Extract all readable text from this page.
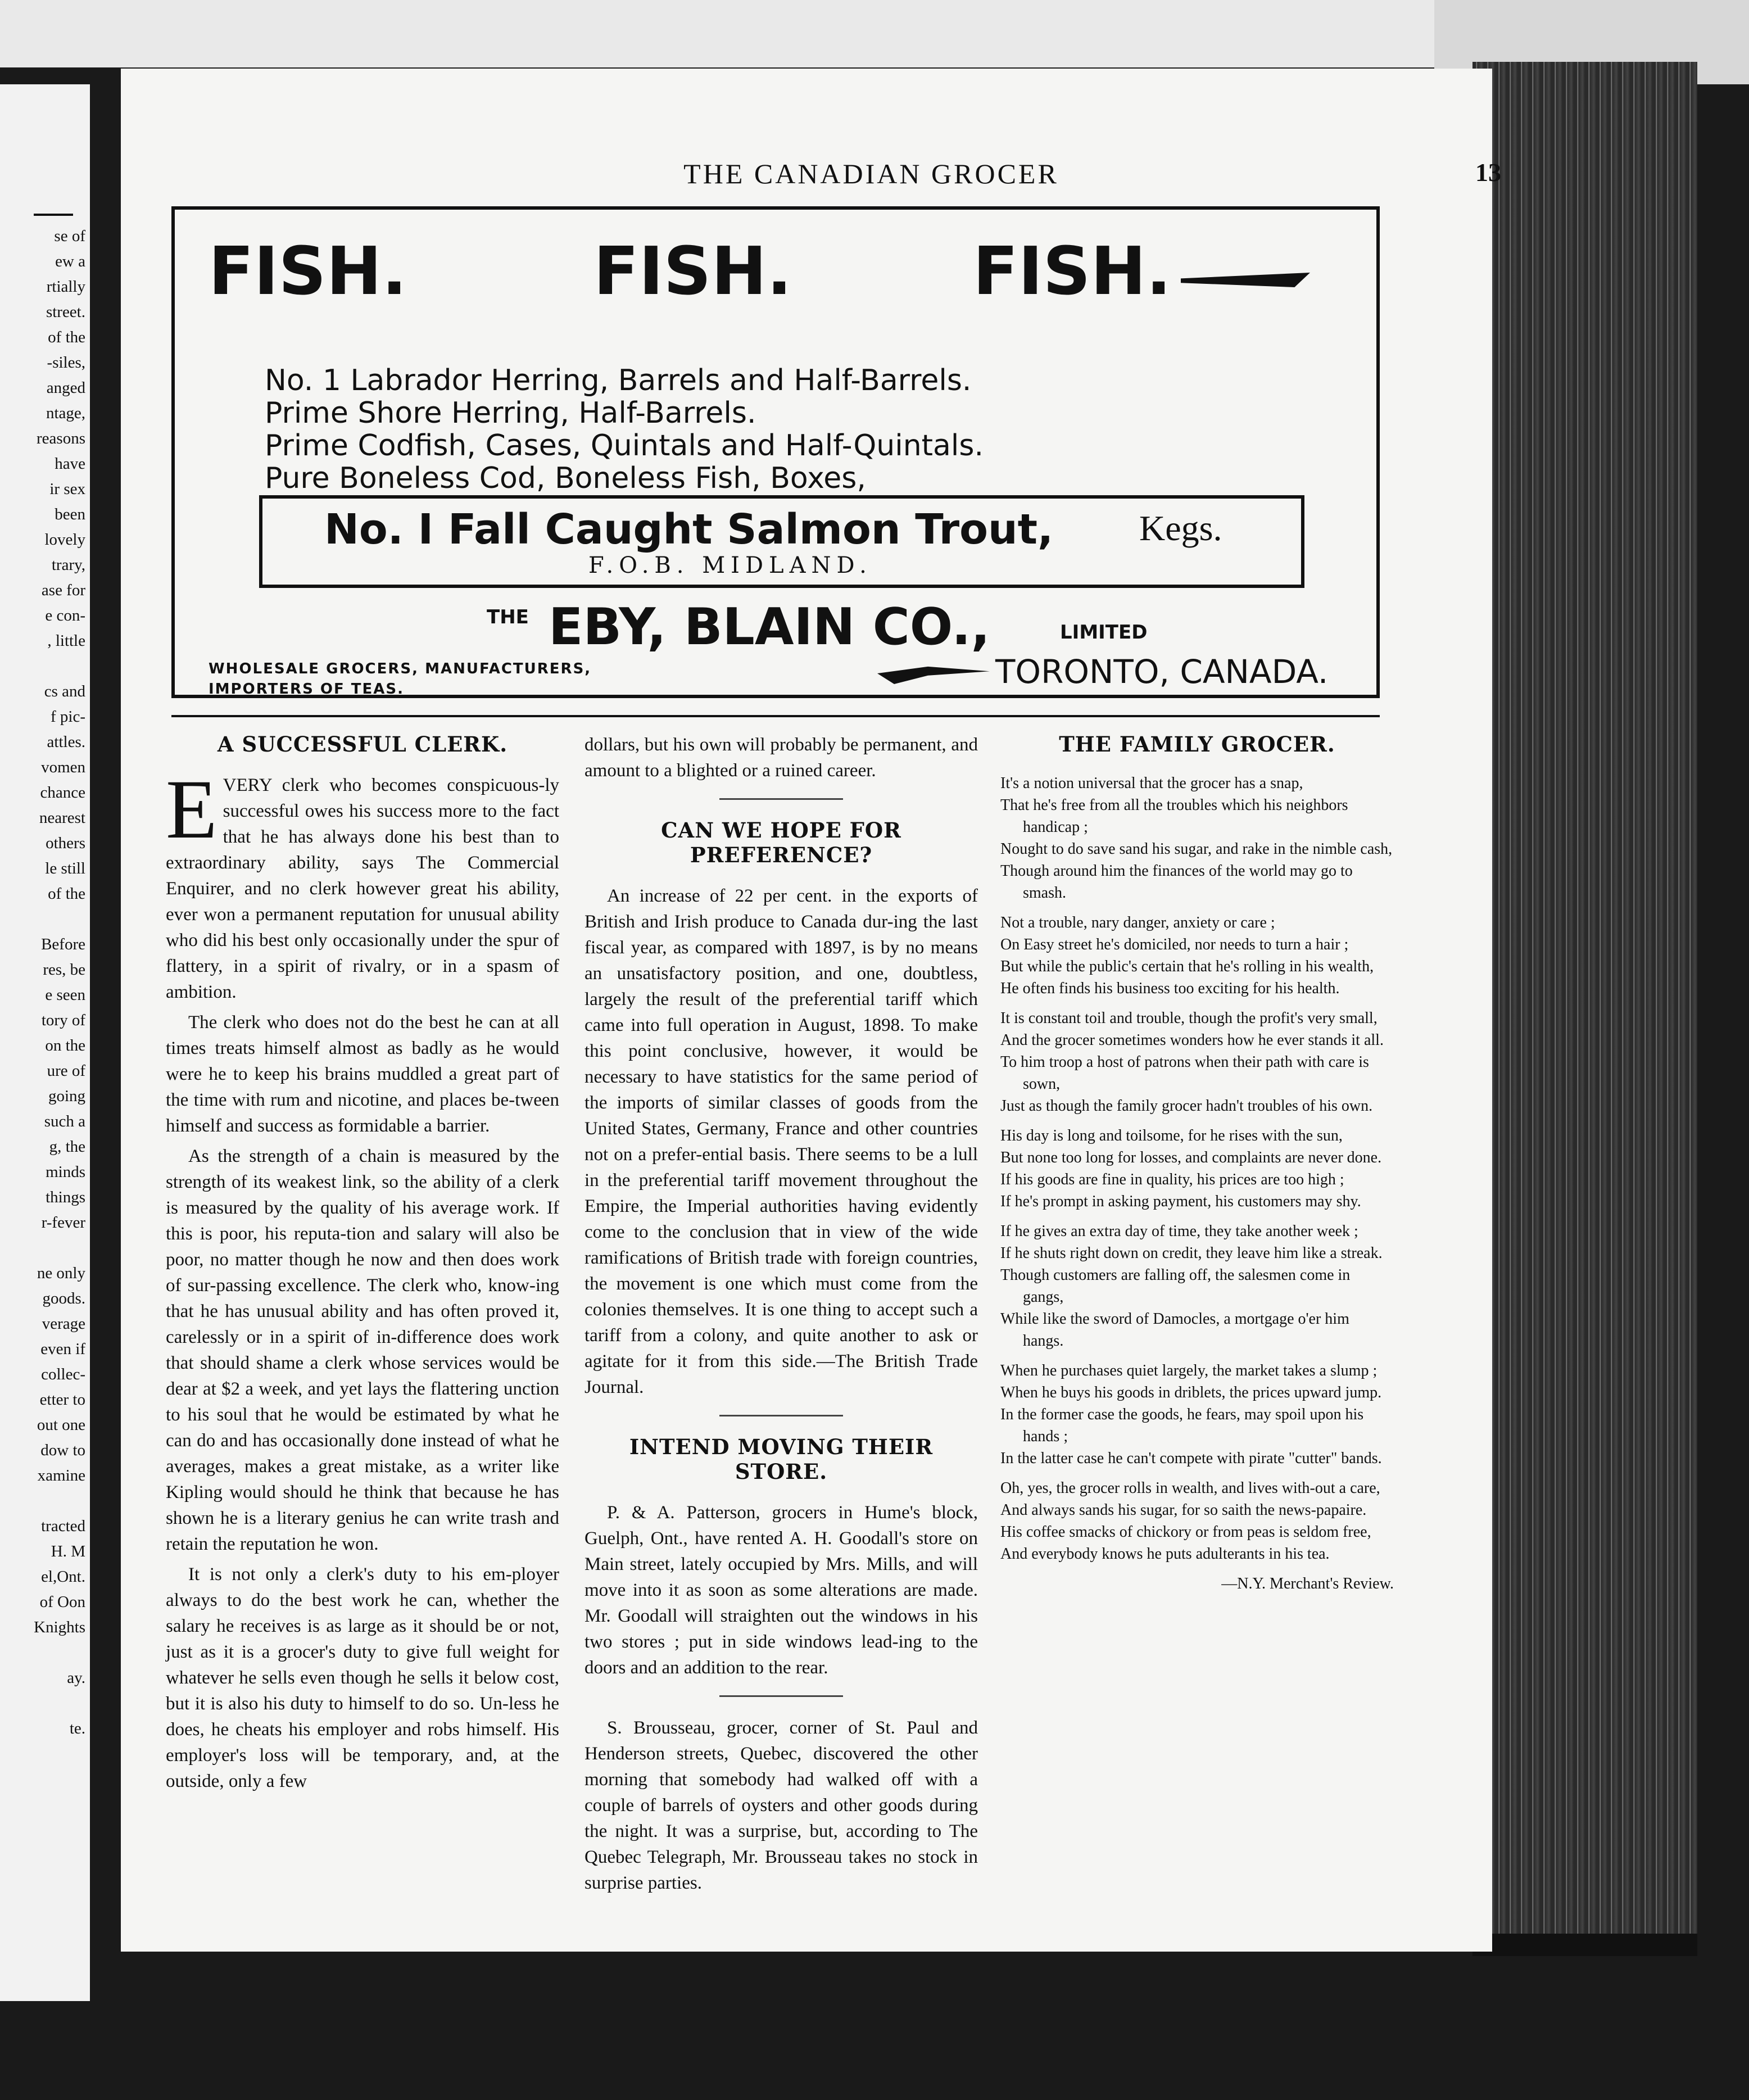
se of
ew a
rtially
street.
of the
-siles,
anged
ntage,
reasons
have
ir sex
been
lovely
trary,
ase for
e con-
, little
cs and
f pic-
attles.
vomen
chance
nearest
others
le still
of the
Before
res, be
e seen
tory of
on the
ure of
going
such a
g, the
minds
things
r-fever
ne only
goods.
verage
even if
collec-
etter to
out one
dow to
xamine
tracted
H. M
el,Ont.
of Oon
Knights
ay.
te.
THE CANADIAN GROCER	13
FISH.	FISH.	FISH.
No. 1 Labrador Herring, Barrels and Half-Barrels.
Prime Shore Herring, Half-Barrels.
Prime Codfish, Cases, Quintals and Half-Quintals.
Pure Boneless Cod, Boneless Fish, Boxes,
No. I Fall Caught Salmon Trout, Kegs.
F.O.B. MIDLAND.
THE EBY, BLAIN CO.,	LIMITED
WHOLESALE GROCERS, MANUFACTURERS,
IMPORTERS OF TEAS.	TORONTO, CANADA.
A SUCCESSFUL CLERK.

EVERY clerk who becomes conspicuous-ly successful owes his success more to the fact that he has always done his best than to extraordinary ability, says The Commercial Enquirer, and no clerk however great his ability, ever won a permanent reputation for unusual ability who did his best only occasionally under the spur of flattery, in a spirit of rivalry, or in a spasm of ambition.

The clerk who does not do the best he can at all times treats himself almost as badly as he would were he to keep his brains muddled a great part of the time with rum and nicotine, and places be-tween himself and success as formidable a barrier.

As the strength of a chain is measured by the strength of its weakest link, so the ability of a clerk is measured by the quality of his average work. If this is poor, his reputa-tion and salary will also be poor, no matter though he now and then does work of sur-passing excellence. The clerk who, know-ing that he has unusual ability and has often proved it, carelessly or in a spirit of in-difference does work that should shame a clerk whose services would be dear at $2 a week, and yet lays the flattering unction to his soul that he would be estimated by what he can do and has occasionally done instead of what he averages, makes a great mistake, as a writer like Kipling would should he think that because he has shown he is a literary genius he can write trash and retain the reputation he won.

It is not only a clerk's duty to his em-ployer always to do the best work he can, whether the salary he receives is as large as it should be or not, just as it is a grocer's duty to give full weight for whatever he sells even though he sells it below cost, but it is also his duty to himself to do so. Un-less he does, he cheats his employer and robs himself. His employer's loss will be temporary, and, at the outside, only a few

dollars, but his own will probably be permanent, and amount to a blighted or a ruined career.

CAN WE HOPE FOR PREFERENCE?

An increase of 22 per cent. in the exports of British and Irish produce to Canada dur-ing the last fiscal year, as compared with 1897, is by no means an unsatisfactory position, and one, doubtless, largely the result of the preferential tariff which came into full operation in August, 1898. To make this point conclusive, however, it would be necessary to have statistics for the same period of the imports of similar classes of goods from the United States, Germany, France and other countries not on a prefer-ential basis. There seems to be a lull in the preferential tariff movement throughout the Empire, the Imperial authorities having evidently come to the conclusion that in view of the wide ramifications of British trade with foreign countries, the movement is one which must come from the colonies themselves. It is one thing to accept such a tariff from a colony, and quite another to ask or agitate for it from this side.—The British Trade Journal.

INTEND MOVING THEIR STORE.

P. & A. Patterson, grocers in Hume's block, Guelph, Ont., have rented A. H. Goodall's store on Main street, lately occupied by Mrs. Mills, and will move into it as soon as some alterations are made. Mr. Goodall will straighten out the windows in his two stores ; put in side windows lead-ing to the doors and an addition to the rear.

S. Brousseau, grocer, corner of St. Paul and Henderson streets, Quebec, discovered the other morning that somebody had walked off with a couple of barrels of oysters and other goods during the night. It was a surprise, but, according to The Quebec Telegraph, Mr. Brousseau takes no stock in surprise parties.

THE FAMILY GROCER.
It's a notion universal that the grocer has a snap,
That he's free from all the troubles which his neighbors handicap ;
Nought to do save sand his sugar, and rake in the nimble cash,
Though around him the finances of the world may go to smash.
Not a trouble, nary danger, anxiety or care ;
On Easy street he's domiciled, nor needs to turn a hair ;
But while the public's certain that he's rolling in his wealth,
He often finds his business too exciting for his health.
It is constant toil and trouble, though the profit's very small,
And the grocer sometimes wonders how he ever stands it all.
To him troop a host of patrons when their path with care is sown,
Just as though the family grocer hadn't troubles of his own.
His day is long and toilsome, for he rises with the sun,
But none too long for losses, and complaints are never done.
If his goods are fine in quality, his prices are too high ;
If he's prompt in asking payment, his customers may shy.
If he gives an extra day of time, they take another week ;
If he shuts right down on credit, they leave him like a streak.
Though customers are falling off, the salesmen come in gangs,
While like the sword of Damocles, a mortgage o'er him hangs.
When he purchases quiet largely, the market takes a slump ;
When he buys his goods in driblets, the prices upward jump.
In the former case the goods, he fears, may spoil upon his hands ;
In the latter case he can't compete with pirate "cutter" bands.
Oh, yes, the grocer rolls in wealth, and lives with-out a care,
And always sands his sugar, for so saith the news-papaire.
His coffee smacks of chickory or from peas is seldom free,
And everybody knows he puts adulterants in his tea.
—N.Y. Merchant's Review.
